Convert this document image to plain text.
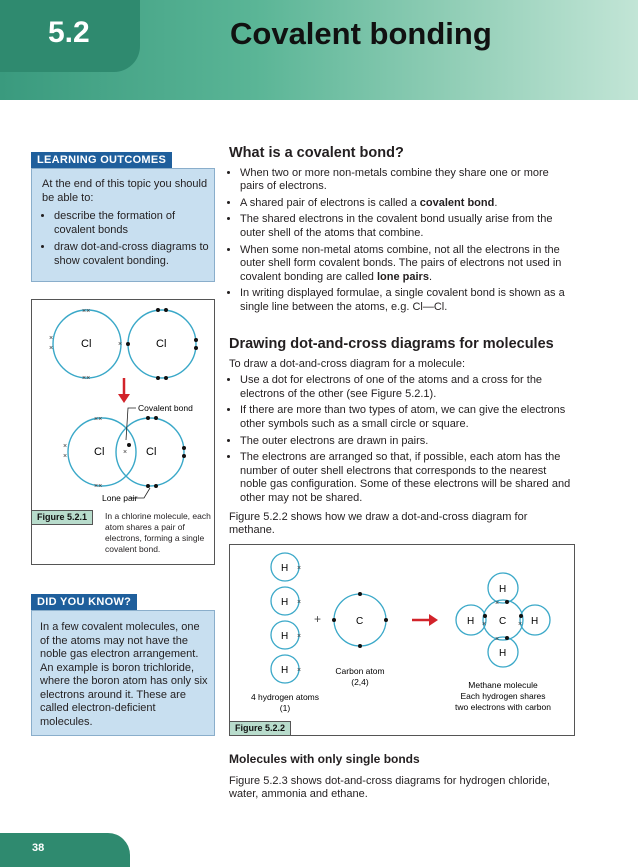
5.2	Covalent bonding
LEARNING OUTCOMES
At the end of this topic you should be able to:
• describe the formation of covalent bonds
• draw dot-and-cross diagrams to show covalent bonding.
Cl	Cl
××
××
×
×
×
Cl	Cl
××
××
×
×
×
Covalent bond
Lone pair
Figure 5.2.1	In a chlorine molecule, each atom shares a pair of electrons, forming a single covalent bond.
DID YOU KNOW?
In a few covalent molecules, one of the atoms may not have the noble gas electron arrangement. An example is boron trichloride, where the boron atom has only six electrons around it. These are called electron-deficient molecules.
What is a covalent bond?
• When two or more non-metals combine they share one or more pairs of electrons.
• A shared pair of electrons is called a covalent bond.
• The shared electrons in the covalent bond usually arise from the outer shell of the atoms that combine.
• When some non-metal atoms combine, not all the electrons in the outer shell form covalent bonds. The pairs of electrons not used in covalent bonding are called lone pairs.
• In writing displayed formulae, a single covalent bond is shown as a single line between the atoms, e.g. Cl—Cl.
Drawing dot-and-cross diagrams for molecules

To draw a dot-and-cross diagram for a molecule:

• Use a dot for electrons of one of the atoms and a cross for the electrons of the other (see Figure 5.2.1).
• If there are more than two types of atom, we can give the electrons other symbols such as a small circle or square.
• The outer electrons are drawn in pairs.
• The electrons are arranged so that, if possible, each atom has the number of outer shell electrons that corresponds to the nearest noble gas configuration. Some of these electrons will be shared and other may not be shared.

Figure 5.2.2 shows how we draw a dot-and-cross diagram for methane.

H
H
H
H
×
×
×
×
4 hydrogen atoms
(1)
+	C
Carbon atom
(2,4)
C
H
H
H	H
×
×
×	×
Methane molecule
Each hydrogen shares
two electrons with carbon
Figure 5.2.2
Molecules with only single bonds

Figure 5.2.3 shows dot-and-cross diagrams for hydrogen chloride, water, ammonia and ethane.

38
